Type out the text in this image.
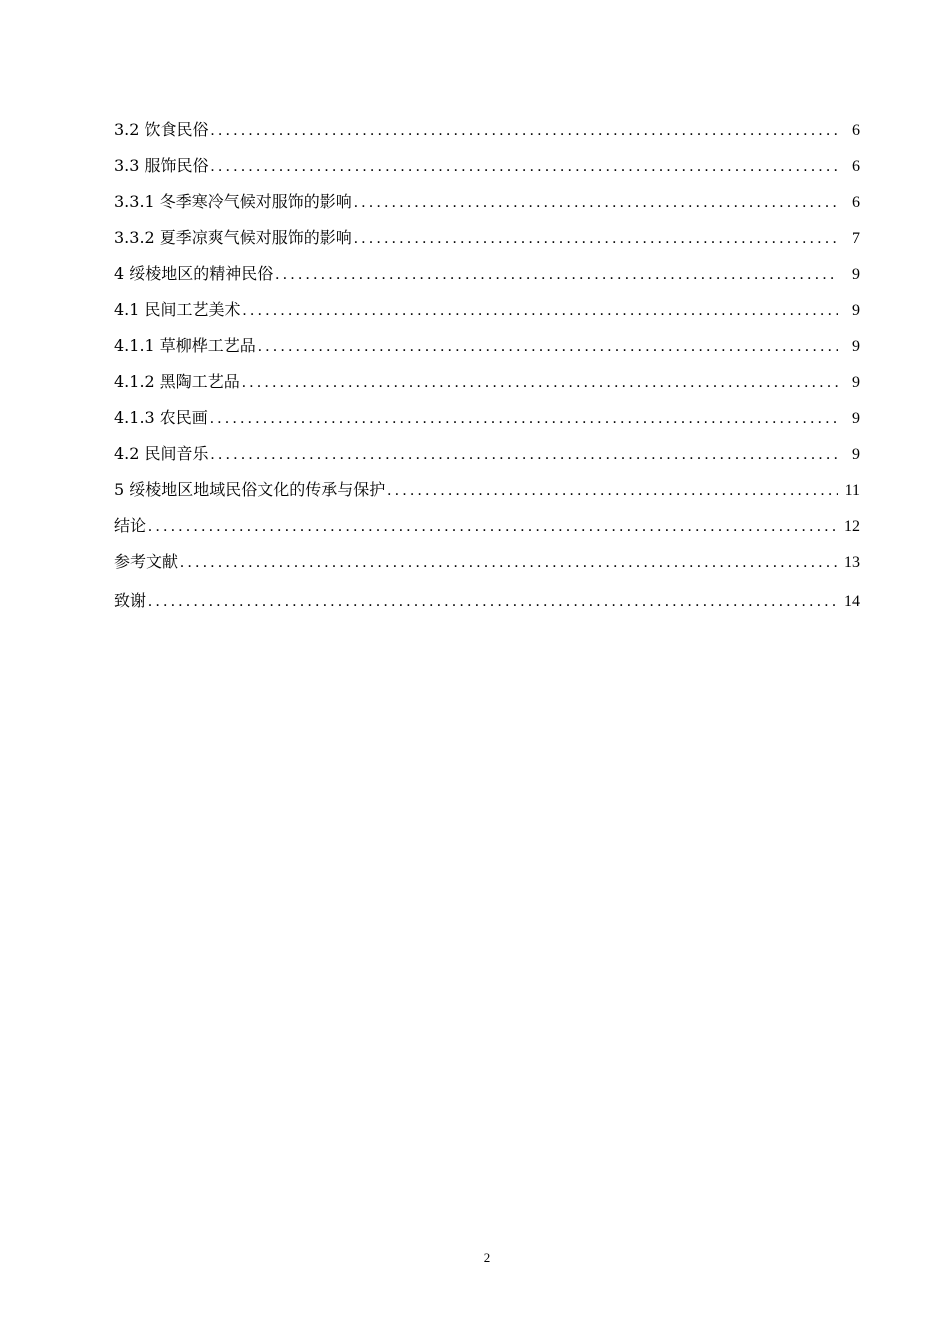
3.2 饮食民俗 .....	6
3.3 服饰民俗 .....	6
3.3.1 冬季寒冷气候对服饰的影响 .....	6
3.3.2 夏季凉爽气候对服饰的影响 .....	7
4 绥棱地区的精神民俗 .....	9
4.1 民间工艺美术 .....	9
4.1.1 草柳桦工艺品 .....	9
4.1.2 黑陶工艺品 .....	9
4.1.3 农民画 .....	9
4.2 民间音乐 .....	9
5 绥棱地区地域民俗文化的传承与保护 .....	11
结论 .....	12
参考文献 .....	13
致谢 .....	14
2
